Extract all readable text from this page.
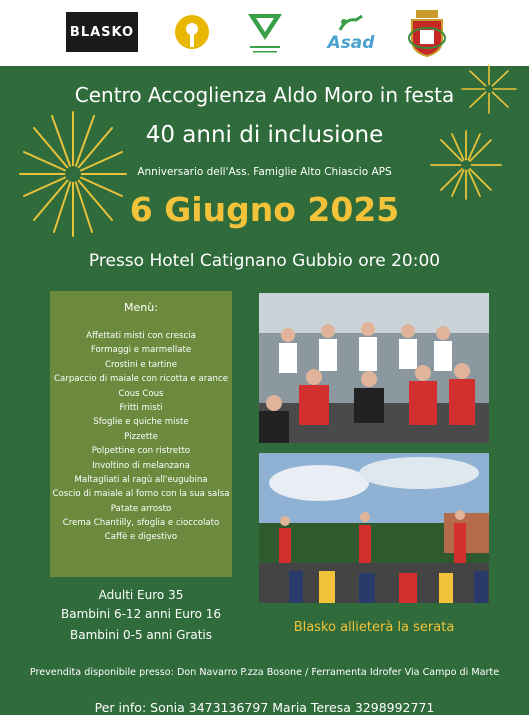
BLASKO
Asad
Centro Accoglienza Aldo Moro in festa
40 anni di inclusione
Anniversario dell'Ass. Famiglie Alto Chiascio APS
6 Giugno 2025
Presso Hotel Catignano Gubbio ore 20:00
Menù:
Affettati misti con crescia
Formaggi e marmellate
Crostini e tartine
Carpaccio di maiale con ricotta e arance
Cous Cous
Fritti misti
Sfoglie e quiche miste
Pizzette
Polpettine con ristretto
Involtino di melanzana
Maltagliati al ragù all'eugubina
Coscio di maiale al forno con la sua salsa
Patate arrosto
Crema Chantilly, sfoglia e cioccolato
Caffè e digestivo
Adulti Euro 35
Bambini 6-12 anni Euro 16
Bambini 0-5 anni Gratis	Blasko allieterà la serata
Prevendita disponibile presso: Don Navarro P.zza Bosone / Ferramenta Idrofer Via Campo di Marte
Per info: Sonia 3473136797 Maria Teresa 3298992771
